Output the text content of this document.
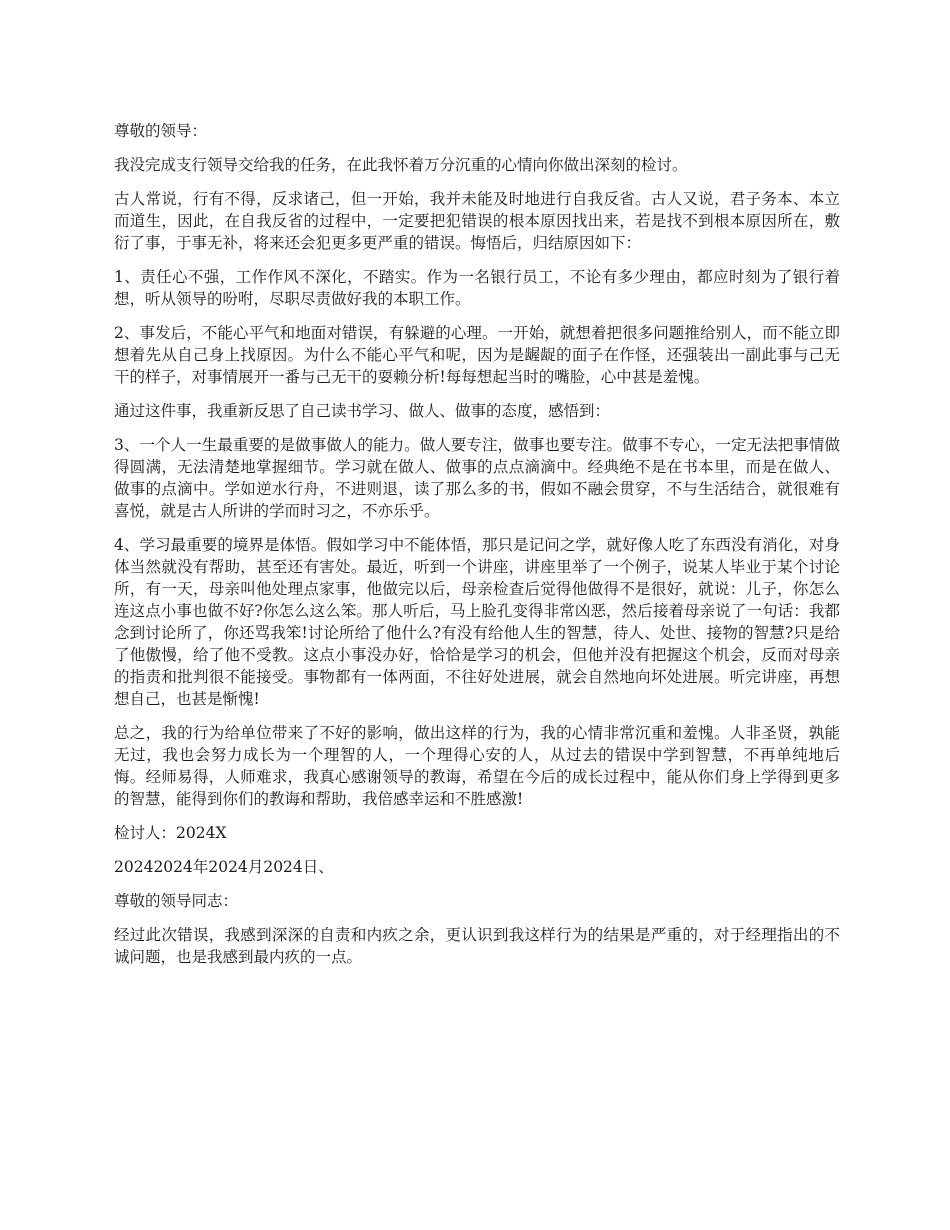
尊敬的领导：

我没完成支行领导交给我的任务，在此我怀着万分沉重的心情向你做出深刻的检讨。

古人常说，行有不得，反求诸己，但一开始，我并未能及时地进行自我反省。古人又说，君子务本、本立而道生，因此，在自我反省的过程中，一定要把犯错误的根本原因找出来，若是找不到根本原因所在，敷衍了事，于事无补，将来还会犯更多更严重的错误。悔悟后，归结原因如下：

1、责任心不强，工作作风不深化，不踏实。作为一名银行员工，不论有多少理由，都应时刻为了银行着想，听从领导的吩咐，尽职尽责做好我的本职工作。

2、事发后，不能心平气和地面对错误，有躲避的心理。一开始，就想着把很多问题推给别人，而不能立即想着先从自己身上找原因。为什么不能心平气和呢，因为是龌龊的面子在作怪，还强装出一副此事与己无干的样子，对事情展开一番与己无干的耍赖分析!每每想起当时的嘴脸，心中甚是羞愧。

通过这件事，我重新反思了自己读书学习、做人、做事的态度，感悟到：

3、一个人一生最重要的是做事做人的能力。做人要专注，做事也要专注。做事不专心，一定无法把事情做得圆满，无法清楚地掌握细节。学习就在做人、做事的点点滴滴中。经典绝不是在书本里，而是在做人、做事的点滴中。学如逆水行舟，不进则退，读了那么多的书，假如不融会贯穿，不与生活结合，就很难有喜悦，就是古人所讲的学而时习之，不亦乐乎。

4、学习最重要的境界是体悟。假如学习中不能体悟，那只是记问之学，就好像人吃了东西没有消化，对身体当然就没有帮助，甚至还有害处。最近，听到一个讲座，讲座里举了一个例子，说某人毕业于某个讨论所，有一天，母亲叫他处理点家事，他做完以后，母亲检查后觉得他做得不是很好，就说：儿子，你怎么连这点小事也做不好?你怎么这么笨。那人听后，马上脸孔变得非常凶恶，然后接着母亲说了一句话：我都念到讨论所了，你还骂我笨!讨论所给了他什么?有没有给他人生的智慧，待人、处世、接物的智慧?只是给了他傲慢，给了他不受教。这点小事没办好，恰恰是学习的机会，但他并没有把握这个机会，反而对母亲的指责和批判很不能接受。事物都有一体两面，不往好处进展，就会自然地向坏处进展。听完讲座，再想想自己，也甚是惭愧!

总之，我的行为给单位带来了不好的影响，做出这样的行为，我的心情非常沉重和羞愧。人非圣贤，孰能无过，我也会努力成长为一个理智的人，一个理得心安的人，从过去的错误中学到智慧，不再单纯地后悔。经师易得，人师难求，我真心感谢领导的教诲，希望在今后的成长过程中，能从你们身上学得到更多的智慧，能得到你们的教诲和帮助，我倍感幸运和不胜感激!

检讨人：2024X

20242024年2024月2024日、

尊敬的领导同志：

经过此次错误，我感到深深的自责和内疚之余，更认识到我这样行为的结果是严重的，对于经理指出的不诚问题，也是我感到最内疚的一点。
